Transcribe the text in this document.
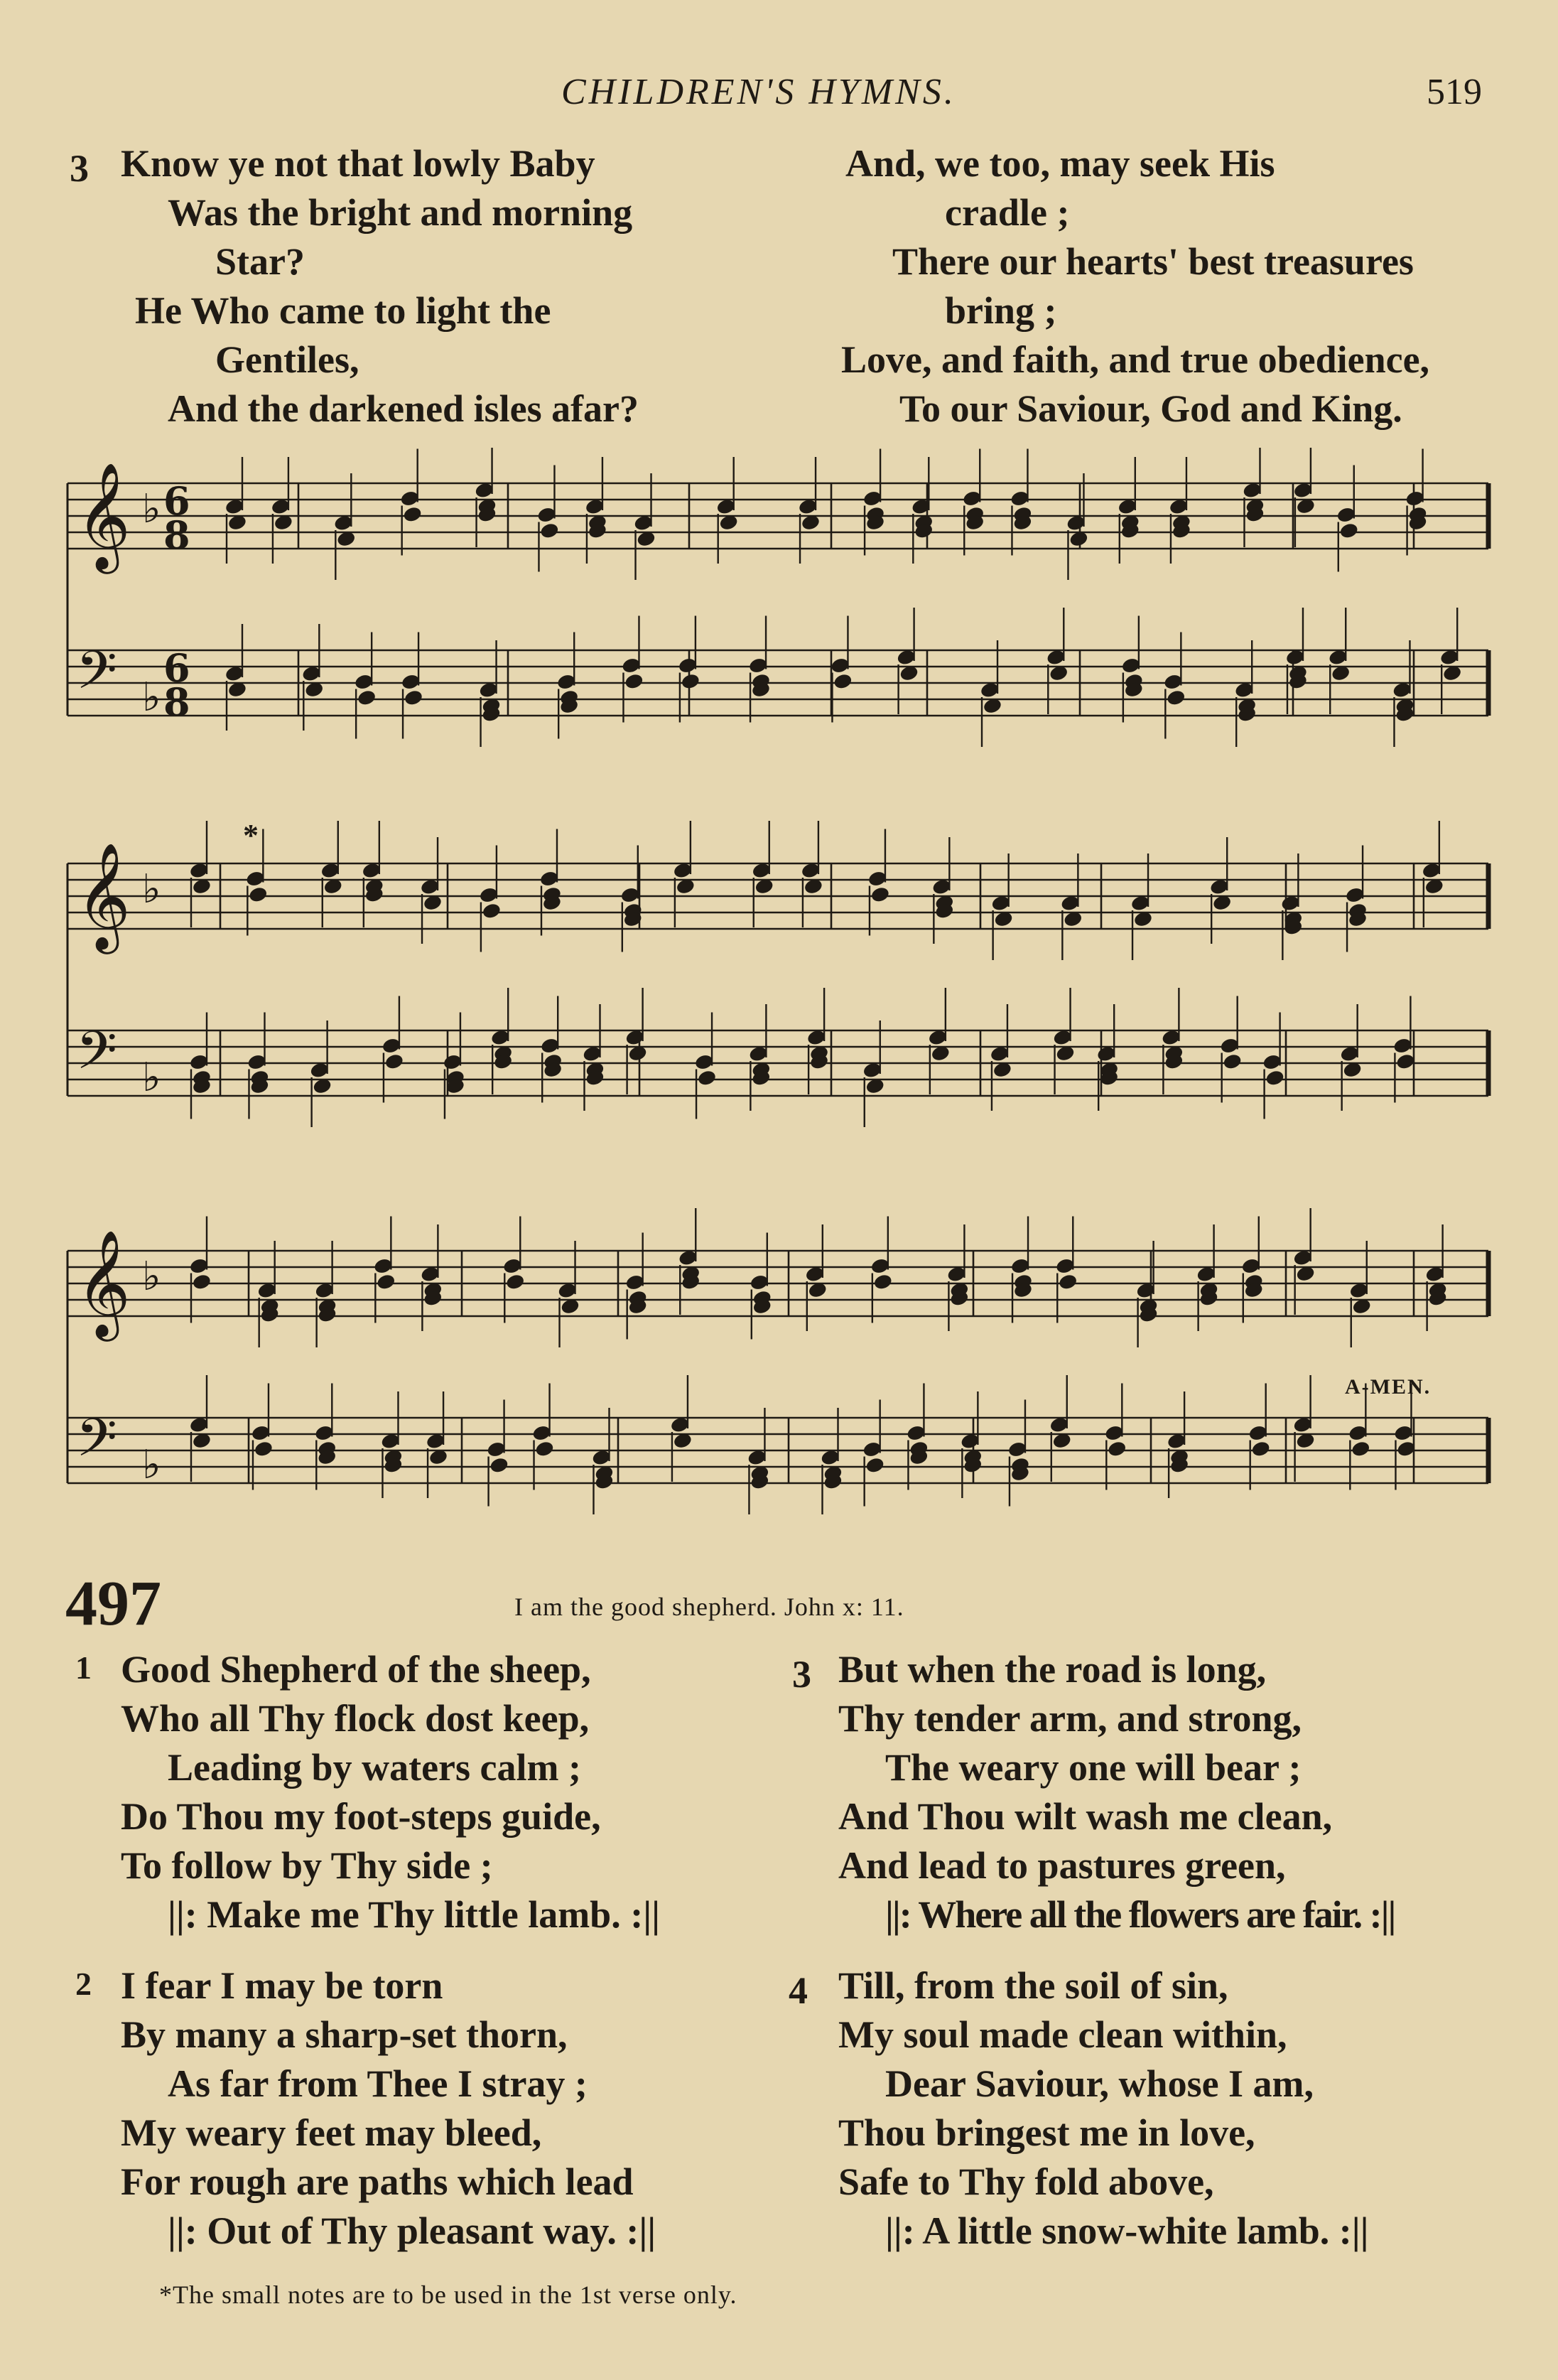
CHILDREN'S HYMNS.	519
3 Know ye not that lowly Baby
Was the bright and morning
Star?
He Who came to light the
Gentiles,
And the darkened isles afar?
And, we too, may seek His
cradle ;
There our hearts' best treasures
bring ;
Love, and faith, and true obedience,
To our Saviour, God and King.
𝄞 ♭ 6
8
𝄢 ♭
6
8
𝄞 ♭
𝄢 ♭
𝄞 ♭
𝄢 ♭
*
A-MEN.
497	I am the good shepherd. John x: 11.
1 Good Shepherd of the sheep,
Who all Thy flock dost keep,
Leading by waters calm ;
Do Thou my foot-steps guide,
To follow by Thy side ;
||: Make me Thy little lamb. :||
2 I fear I may be torn
By many a sharp-set thorn,
As far from Thee I stray ;
My weary feet may bleed,
For rough are paths which lead
||: Out of Thy pleasant way. :||
3 But when the road is long,
Thy tender arm, and strong,
The weary one will bear ;
And Thou wilt wash me clean,
And lead to pastures green,
||: Where all the flowers are fair. :||
4 Till, from the soil of sin,
My soul made clean within,
Dear Saviour, whose I am,
Thou bringest me in love,
Safe to Thy fold above,
||: A little snow-white lamb. :||
*The small notes are to be used in the 1st verse only.
